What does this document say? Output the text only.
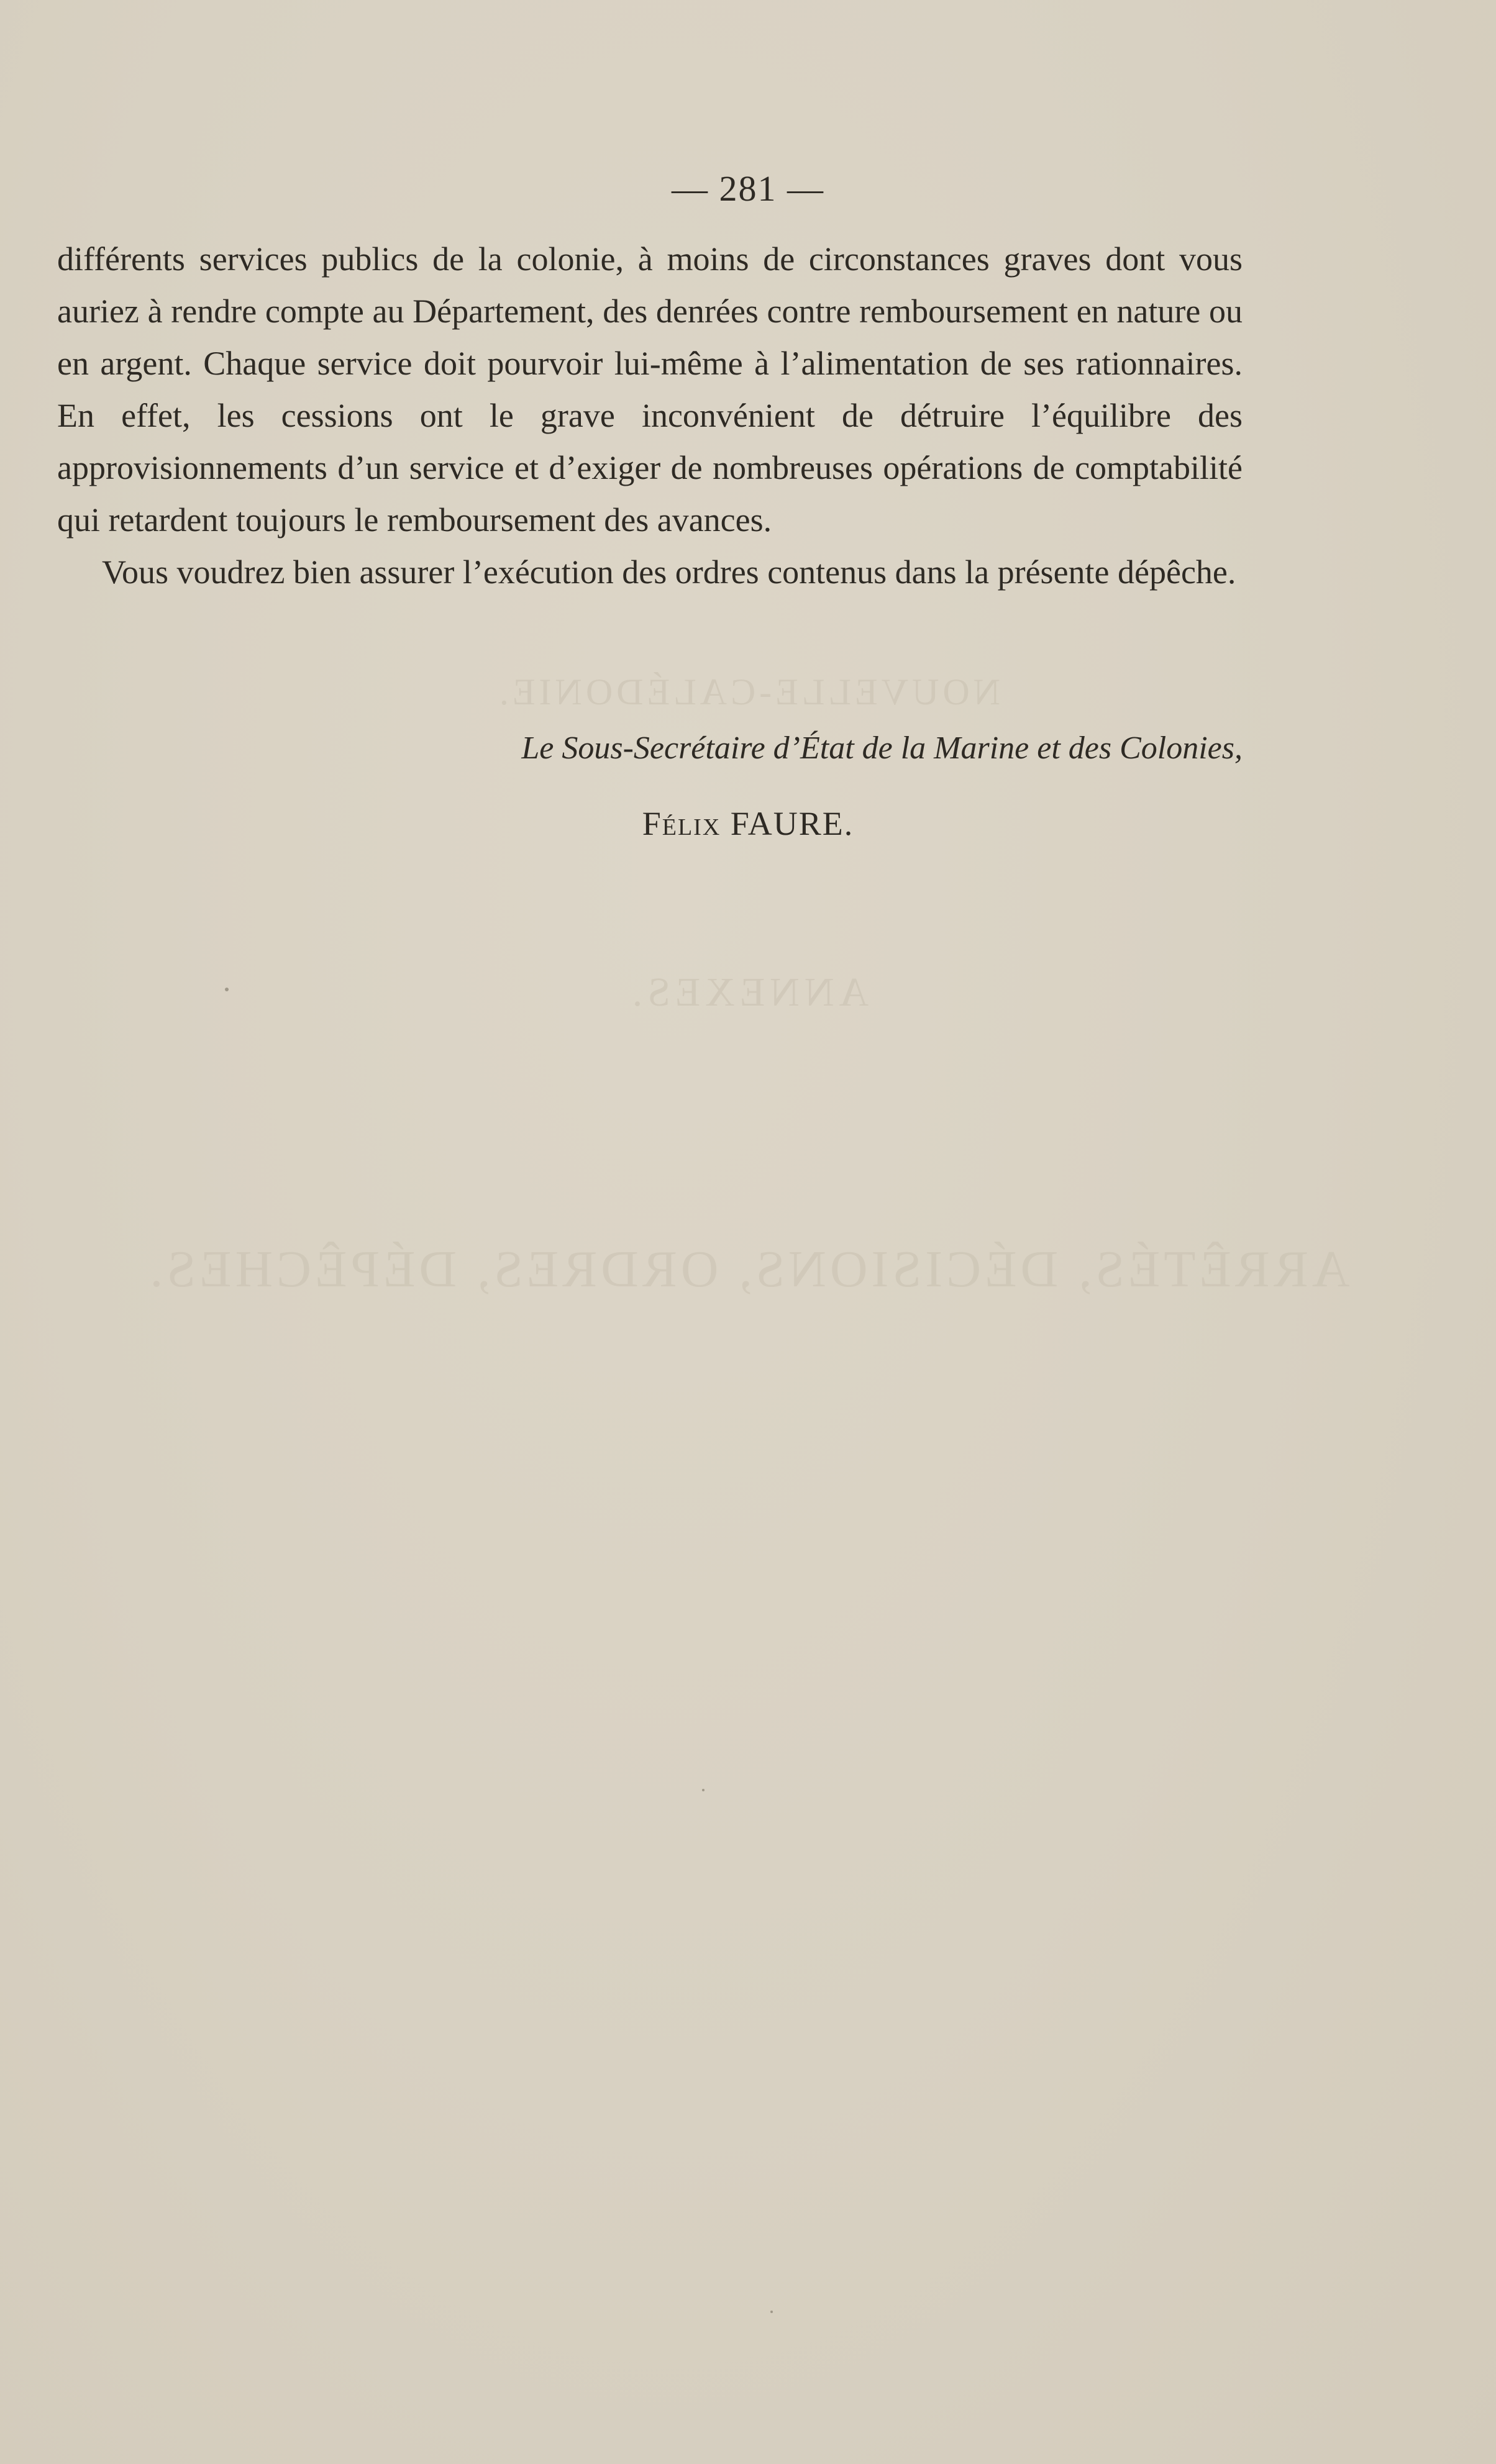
NOUVELLE-CALÉDONIE.
ANNEXES.
ARRÊTÉS, DÉCISIONS, ORDRES, DÉPÊCHES.
— 281 —

différents services publics de la colonie, à moins de circonstances graves dont vous auriez à rendre compte au Département, des denrées contre remboursement en nature ou en argent. Chaque service doit pourvoir lui-même à l’alimentation de ses rationnaires. En effet, les cessions ont le grave inconvénient de détruire l’équilibre des approvisionnements d’un service et d’exiger de nombreuses opérations de comptabilité qui retardent toujours le remboursement des avances.

Vous voudrez bien assurer l’exécution des ordres contenus dans la présente dépêche.

Le Sous-Secrétaire d’État de la Marine et des Colonies,
Félix FAURE.
